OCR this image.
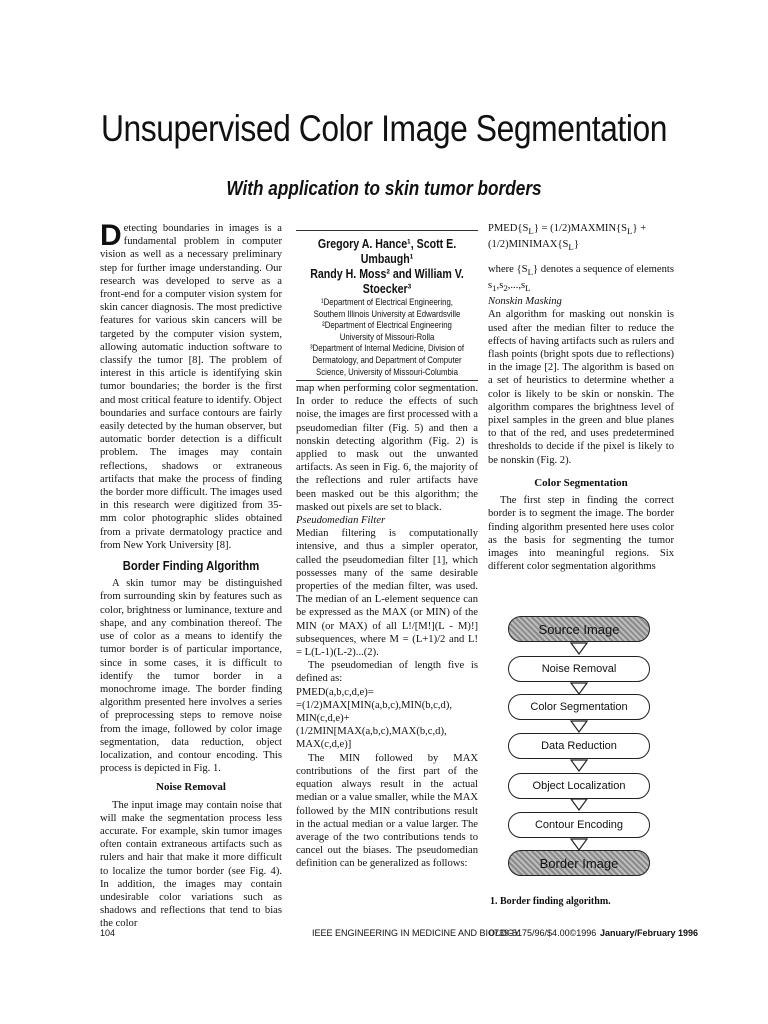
Unsupervised Color Image Segmentation
With application to skin tumor borders

Detecting boundaries in images is a fundamental problem in computer vision as well as a necessary preliminary step for further image understanding. Our research was developed to serve as a front-end for a computer vision system for skin cancer diagnosis. The most predictive features for various skin cancers will be targeted by the computer vision system, allowing automatic induction software to classify the tumor [8]. The problem of interest in this article is identifying skin tumor boundaries; the border is the first and most critical feature to identify. Object boundaries and surface contours are fairly easily detected by the human observer, but automatic border detection is a difficult problem. The images may contain reflections, shadows or extraneous artifacts that make the process of finding the border more difficult. The images used in this research were digitized from 35-mm color photographic slides obtained from a private dermatology practice and from New York University [8].

Border Finding Algorithm

A skin tumor may be distinguished from surrounding skin by features such as color, brightness or luminance, texture and shape, and any combination thereof. The use of color as a means to identify the tumor border is of particular importance, since in some cases, it is difficult to identify the tumor border in a monochrome image. The border finding algorithm presented here involves a series of preprocessing steps to remove noise from the image, followed by color image segmentation, data reduction, object localization, and contour encoding. This process is depicted in Fig. 1.

Noise Removal

The input image may contain noise that will make the segmentation process less accurate. For example, skin tumor images often contain extraneous artifacts such as rulers and hair that make it more difficult to localize the tumor border (see Fig. 4). In addition, the images may contain undesirable color variations such as shadows and reflections that tend to bias the color

Gregory A. Hance¹, Scott E. Umbaugh¹
Randy H. Moss² and William V. Stoecker³
¹Department of Electrical Engineering, Southern Illinois University at Edwardsville
²Department of Electrical Engineering University of Missouri-Rolla
³Department of Internal Medicine, Division of Dermatology, and Department of Computer Science, University of Missouri-Columbia

map when performing color segmentation. In order to reduce the effects of such noise, the images are first processed with a pseudomedian filter (Fig. 5) and then a nonskin detecting algorithm (Fig. 2) is applied to mask out the unwanted artifacts. As seen in Fig. 6, the majority of the reflections and ruler artifacts have been masked out be this algorithm; the masked out pixels are set to black.

Pseudomedian Filter

Median filtering is computationally intensive, and thus a simpler operator, called the pseudomedian filter [1], which possesses many of the same desirable properties of the median filter, was used. The median of an L-element sequence can be expressed as the MAX (or MIN) of the MIN (or MAX) of all L!/[M!](L - M)!] subsequences, where M = (L+1)/2 and L! = L(L-1)(L-2)...(2).

The pseudomedian of length five is defined as:

PMED(a,b,c,d,e)=

=(1/2)MAX[MIN(a,b,c),MIN(b,c,d),

MIN(c,d,e)+

(1/2MIN[MAX(a,b,c),MAX(b,c,d),

MAX(c,d,e)]

The MIN followed by MAX contributions of the first part of the equation always result in the actual median or a value smaller, while the MAX followed by the MIN contributions result in the actual median or a value larger. The average of the two contributions tends to cancel out the biases. The pseudomedian definition can be generalized as follows:

$PMED\{S_L\}$ = $(1/2)MAXMIN\{S_L\}$ +

$(1/2)MINIMAX\{S_L\}$

where $\{S_L\}$ denotes a sequence of elements $s_1,s_2,...,s_L$

Nonskin Masking

An algorithm for masking out nonskin is used after the median filter to reduce the effects of having artifacts such as rulers and flash points (bright spots due to reflections) in the image [2]. The algorithm is based on a set of heuristics to determine whether a color is likely to be skin or nonskin. The algorithm compares the brightness level of pixel samples in the green and blue planes to that of the red, and uses predetermined thresholds to decide if the pixel is likely to be nonskin (Fig. 2).

Color Segmentation

The first step in finding the correct border is to segment the image. The border finding algorithm presented here uses color as the basis for segmenting the tumor images into meaningful regions. Six different color segmentation algorithms

Source Image
Noise Removal
Color Segmentation
Data Reduction
Object Localization
Contour Encoding
Border Image
1. Border finding algorithm.
104	IEEE ENGINEERING IN MEDICINE AND BIOLOGY
0739-5175/96/$4.00©1996 January/February 1996
